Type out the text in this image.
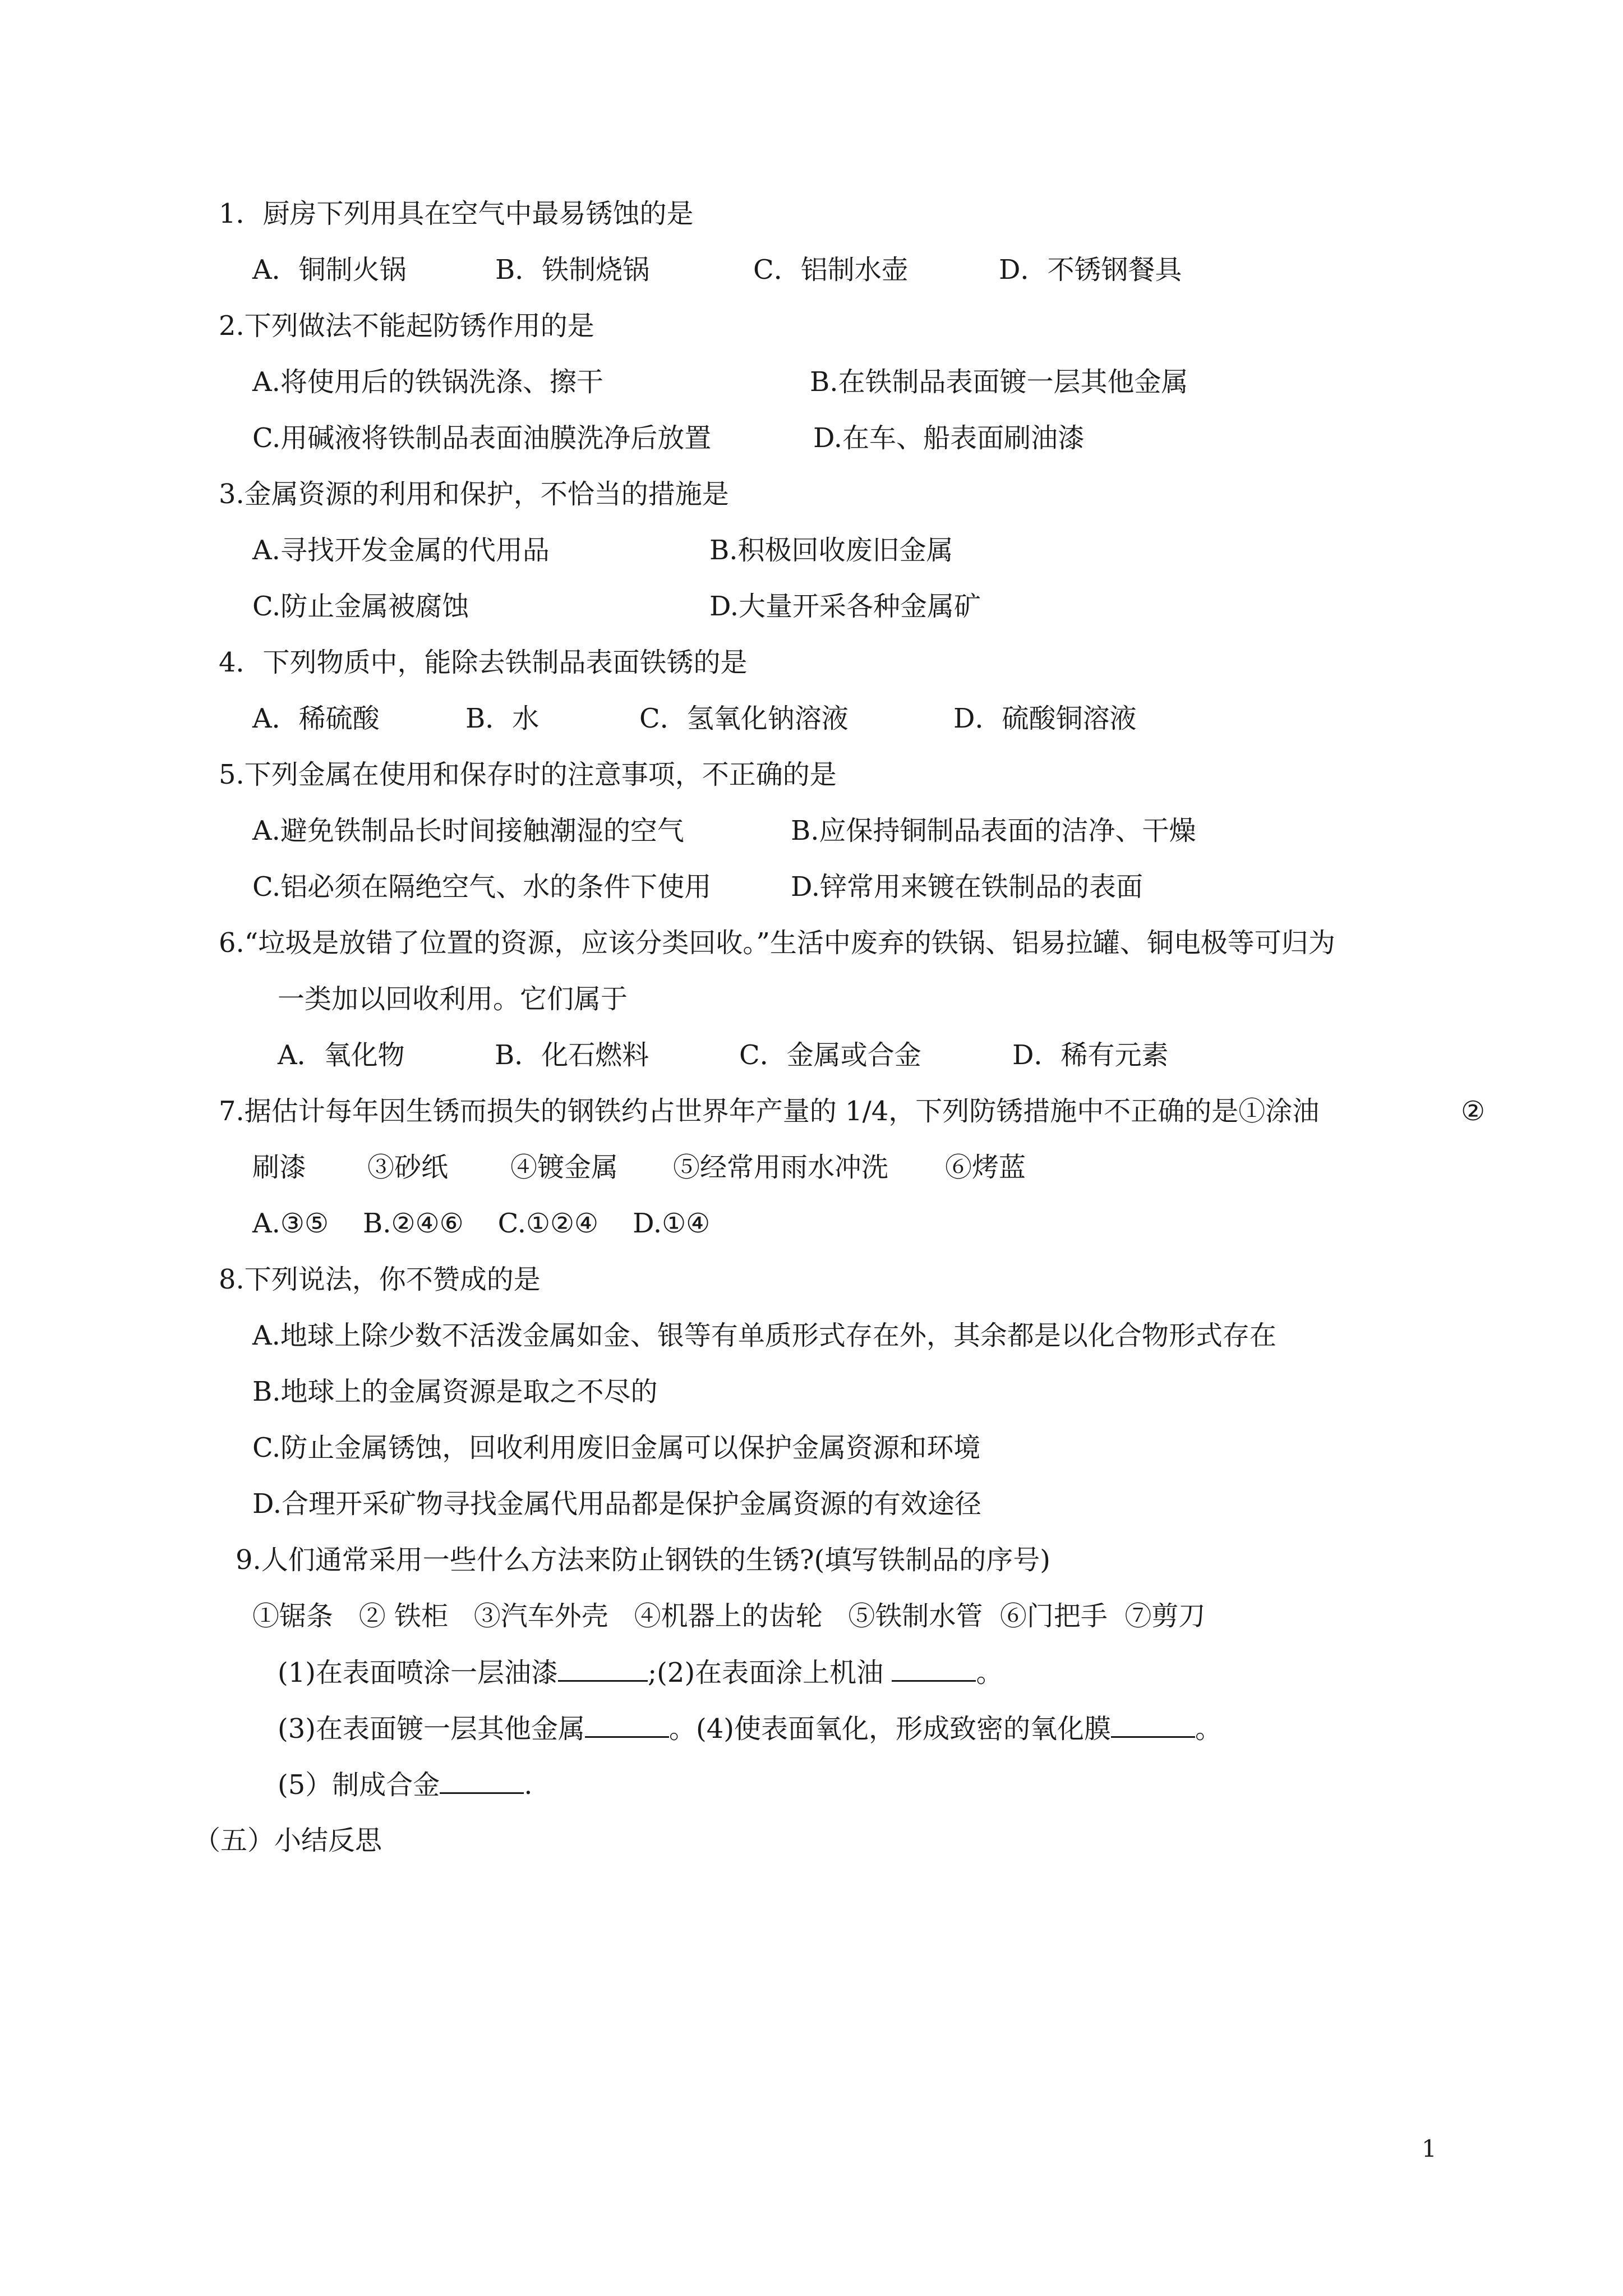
1．厨房下列用具在空气中最易锈蚀的是
A．铜制火锅	B．铁制烧锅	C．铝制水壶	D．不锈钢餐具
2.下列做法不能起防锈作用的是
A.将使用后的铁锅洗涤、擦干	B.在铁制品表面镀一层其他金属
C.用碱液将铁制品表面油膜洗净后放置	D.在车、船表面刷油漆
3.金属资源的利用和保护，不恰当的措施是
A.寻找开发金属的代用品	B.积极回收废旧金属
C.防止金属被腐蚀	D.大量开采各种金属矿
4．下列物质中，能除去铁制品表面铁锈的是
A．稀硫酸	B．水	C．氢氧化钠溶液	D．硫酸铜溶液
5.下列金属在使用和保存时的注意事项，不正确的是
A.避免铁制品长时间接触潮湿的空气	B.应保持铜制品表面的洁净、干燥
C.铝必须在隔绝空气、水的条件下使用	D.锌常用来镀在铁制品的表面
6.“垃圾是放错了位置的资源，应该分类回收。”生活中废弃的铁锅、铝易拉罐、铜电极等可归为
一类加以回收利用。它们属于
A．氧化物	B．化石燃料	C．金属或合金	D．稀有元素
7.据估计每年因生锈而损失的钢铁约占世界年产量的 1/4，下列防锈措施中不正确的是①涂油	②
刷漆 ③砂纸 ④镀金属 ⑤经常用雨水冲洗 ⑥烤蓝
A.③⑤    B.②④⑥    C.①②④    D.①④
8.下列说法，你不赞成的是
A.地球上除少数不活泼金属如金、银等有单质形式存在外，其余都是以化合物形式存在
B.地球上的金属资源是取之不尽的
C.防止金属锈蚀，回收利用废旧金属可以保护金属资源和环境
D.合理开采矿物寻找金属代用品都是保护金属资源的有效途径
9.人们通常采用一些什么方法来防止钢铁的生锈?(填写铁制品的序号)
①锯条   ② 铁柜   ③汽车外壳   ④机器上的齿轮   ⑤铁制水管  ⑥门把手  ⑦剪刀
(1)在表面喷涂一层油漆	;(2)在表面涂上机油	。
(3)在表面镀一层其他金属	。(4)使表面氧化，形成致密的氧化膜	。
(5）制成合金	.
（五）小结反思
1
